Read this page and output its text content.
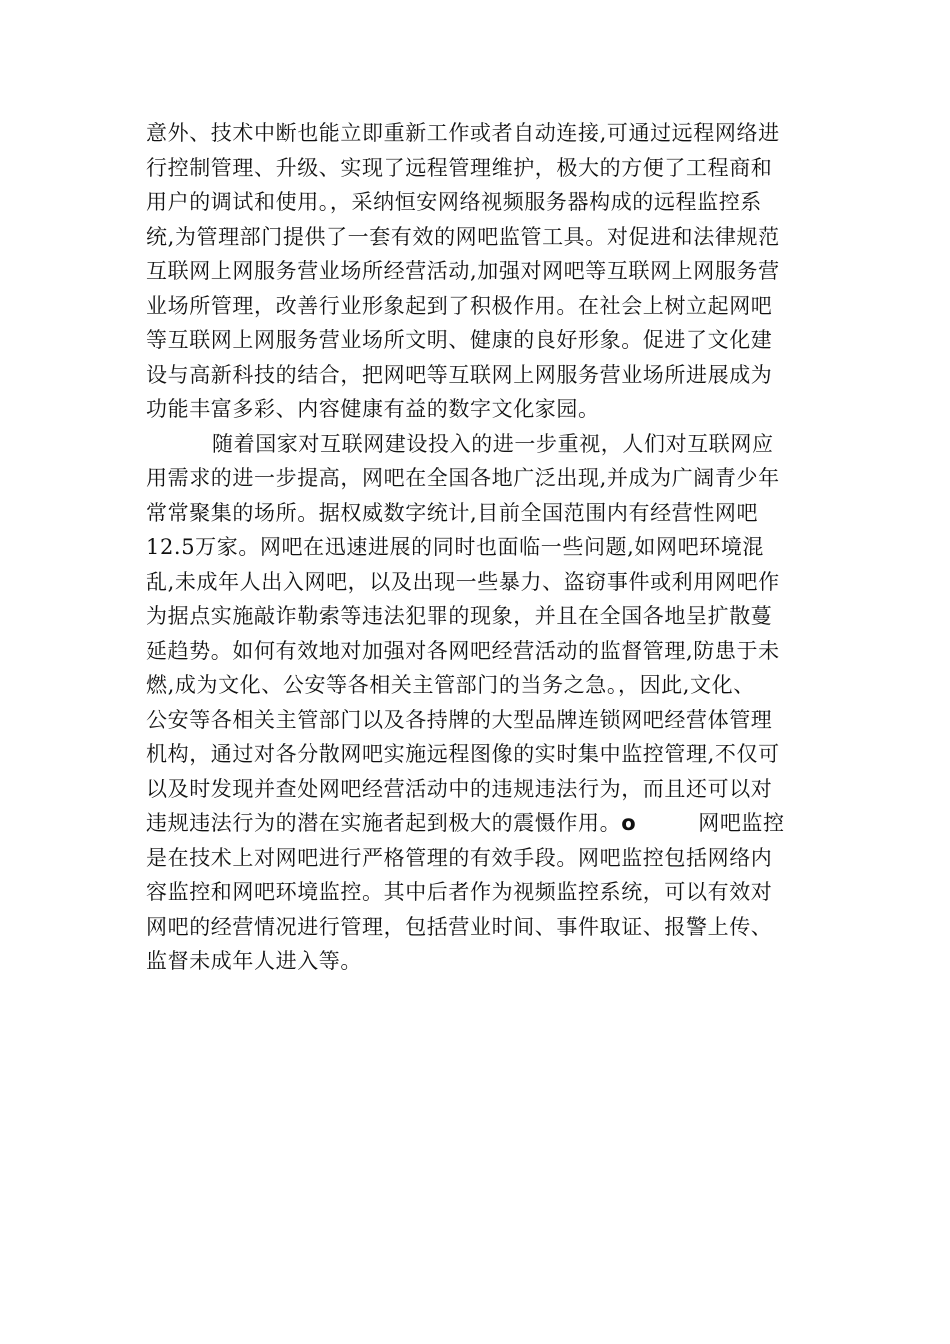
意外、技术中断也能立即重新工作或者自动连接,可通过远程网络进
行控制管理、升级、实现了远程管理维护，极大的方便了工程商和
用户的调试和使用。，采纳恒安网络视频服务器构成的远程监控系
统,为管理部门提供了一套有效的网吧监管工具。对促进和法律规范
互联网上网服务营业场所经营活动,加强对网吧等互联网上网服务营
业场所管理，改善行业形象起到了积极作用。在社会上树立起网吧
等互联网上网服务营业场所文明、健康的良好形象。促进了文化建
设与高新科技的结合，把网吧等互联网上网服务营业场所进展成为
功能丰富多彩、内容健康有益的数字文化家园。
随着国家对互联网建设投入的进一步重视，人们对互联网应
用需求的进一步提高，网吧在全国各地广泛出现,并成为广阔青少年
常常聚集的场所。据权威数字统计,目前全国范围内有经营性网吧
12.5万家。网吧在迅速进展的同时也面临一些问题,如网吧环境混
乱,未成年人出入网吧，以及出现一些暴力、盗窃事件或利用网吧作
为据点实施敲诈勒索等违法犯罪的现象，并且在全国各地呈扩散蔓
延趋势。如何有效地对加强对各网吧经营活动的监督管理,防患于未
燃,成为文化、公安等各相关主管部门的当务之急。，因此,文化、
公安等各相关主管部门以及各持牌的大型品牌连锁网吧经营体管理
机构，通过对各分散网吧实施远程图像的实时集中监控管理,不仅可
以及时发现并查处网吧经营活动中的违规违法行为，而且还可以对
违规违法行为的潜在实施者起到极大的震慑作用。o	网吧监控
是在技术上对网吧进行严格管理的有效手段。网吧监控包括网络内
容监控和网吧环境监控。其中后者作为视频监控系统，可以有效对
网吧的经营情况进行管理，包括营业时间、事件取证、报警上传、
监督未成年人进入等。
